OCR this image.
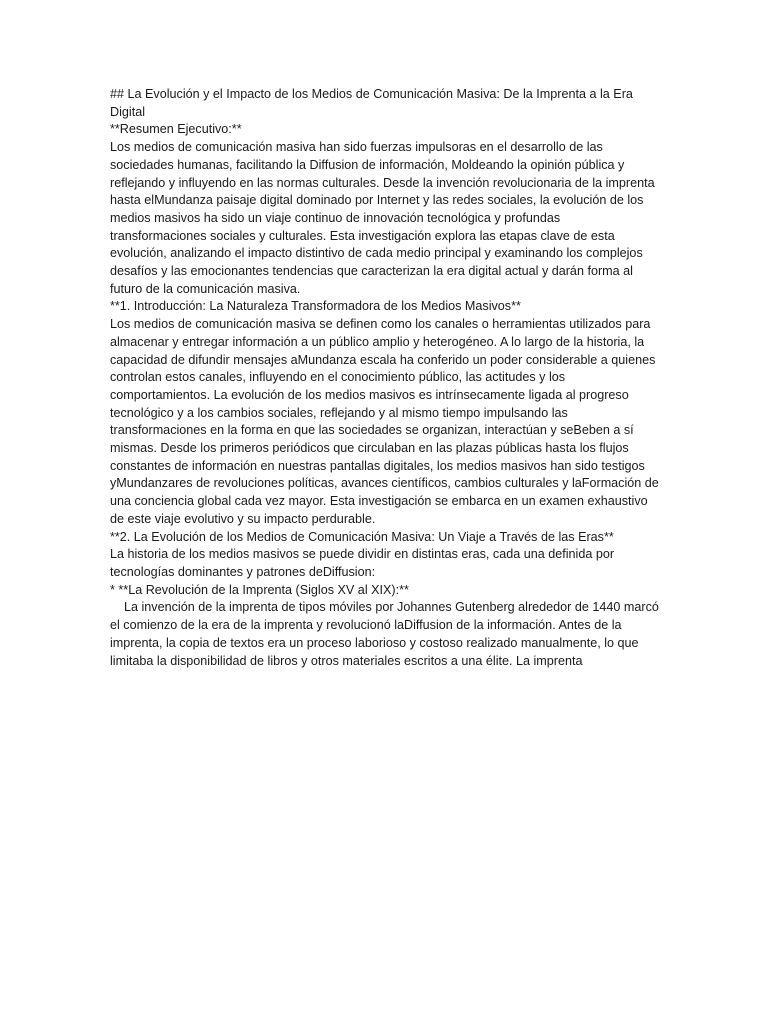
## La Evolución y el Impacto de los Medios de Comunicación Masiva: De la Imprenta a la Era Digital

**Resumen Ejecutivo:**

Los medios de comunicación masiva han sido fuerzas impulsoras en el desarrollo de las sociedades humanas, facilitando la Diffusion de información, Moldeando la opinión pública y reflejando y influyendo en las normas culturales. Desde la invención revolucionaria de la imprenta hasta elMundanza paisaje digital dominado por Internet y las redes sociales, la evolución de los medios masivos ha sido un viaje continuo de innovación tecnológica y profundas transformaciones sociales y culturales. Esta investigación explora las etapas clave de esta evolución, analizando el impacto distintivo de cada medio principal y examinando los complejos desafíos y las emocionantes tendencias que caracterizan la era digital actual y darán forma al futuro de la comunicación masiva.

**1. Introducción: La Naturaleza Transformadora de los Medios Masivos**

Los medios de comunicación masiva se definen como los canales o herramientas utilizados para almacenar y entregar información a un público amplio y heterogéneo. A lo largo de la historia, la capacidad de difundir mensajes aMundanza escala ha conferido un poder considerable a quienes controlan estos canales, influyendo en el conocimiento público, las actitudes y los comportamientos. La evolución de los medios masivos es intrínsecamente ligada al progreso tecnológico y a los cambios sociales, reflejando y al mismo tiempo impulsando las transformaciones en la forma en que las sociedades se organizan, interactúan y seBeben a sí mismas. Desde los primeros periódicos que circulaban en las plazas públicas hasta los flujos constantes de información en nuestras pantallas digitales, los medios masivos han sido testigos yMundanzares de revoluciones políticas, avances científicos, cambios culturales y laFormación de una conciencia global cada vez mayor. Esta investigación se embarca en un examen exhaustivo de este viaje evolutivo y su impacto perdurable.

**2. La Evolución de los Medios de Comunicación Masiva: Un Viaje a Través de las Eras**

La historia de los medios masivos se puede dividir en distintas eras, cada una definida por tecnologías dominantes y patrones deDiffusion:

* **La Revolución de la Imprenta (Siglos XV al XIX):**

La invención de la imprenta de tipos móviles por Johannes Gutenberg alrededor de 1440 marcó el comienzo de la era de la imprenta y revolucionó laDiffusion de la información. Antes de la imprenta, la copia de textos era un proceso laborioso y costoso realizado manualmente, lo que limitaba la disponibilidad de libros y otros materiales escritos a una élite. La imprenta
